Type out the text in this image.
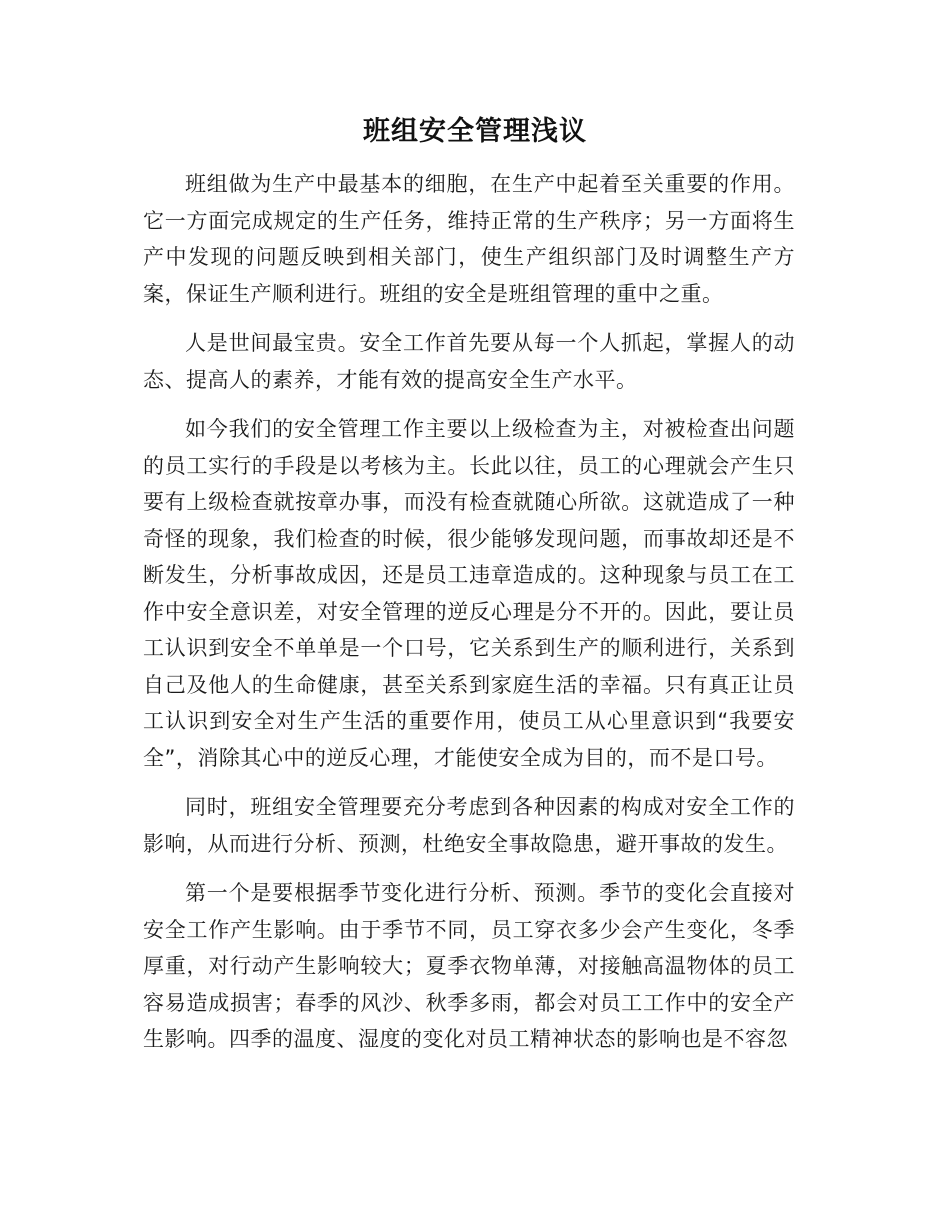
班组安全管理浅议

班组做为生产中最基本的细胞，在生产中起着至关重要的作用。它一方面完成规定的生产任务，维持正常的生产秩序；另一方面将生产中发现的问题反映到相关部门，使生产组织部门及时调整生产方案，保证生产顺利进行。班组的安全是班组管理的重中之重。

人是世间最宝贵。安全工作首先要从每一个人抓起，掌握人的动态、提高人的素养，才能有效的提高安全生产水平。

如今我们的安全管理工作主要以上级检查为主，对被检查出问题的员工实行的手段是以考核为主。长此以往，员工的心理就会产生只要有上级检查就按章办事，而没有检查就随心所欲。这就造成了一种奇怪的现象，我们检查的时候，很少能够发现问题，而事故却还是不断发生，分析事故成因，还是员工违章造成的。这种现象与员工在工作中安全意识差，对安全管理的逆反心理是分不开的。因此，要让员工认识到安全不单单是一个口号，它关系到生产的顺利进行，关系到自己及他人的生命健康，甚至关系到家庭生活的幸福。只有真正让员工认识到安全对生产生活的重要作用，使员工从心里意识到“我要安全”，消除其心中的逆反心理，才能使安全成为目的，而不是口号。

同时，班组安全管理要充分考虑到各种因素的构成对安全工作的影响，从而进行分析、预测，杜绝安全事故隐患，避开事故的发生。

第一个是要根据季节变化进行分析、预测。季节的变化会直接对安全工作产生影响。由于季节不同，员工穿衣多少会产生变化，冬季厚重，对行动产生影响较大；夏季衣物单薄，对接触高温物体的员工容易造成损害；春季的风沙、秋季多雨，都会对员工工作中的安全产生影响。四季的温度、湿度的变化对员工精神状态的影响也是不容忽
